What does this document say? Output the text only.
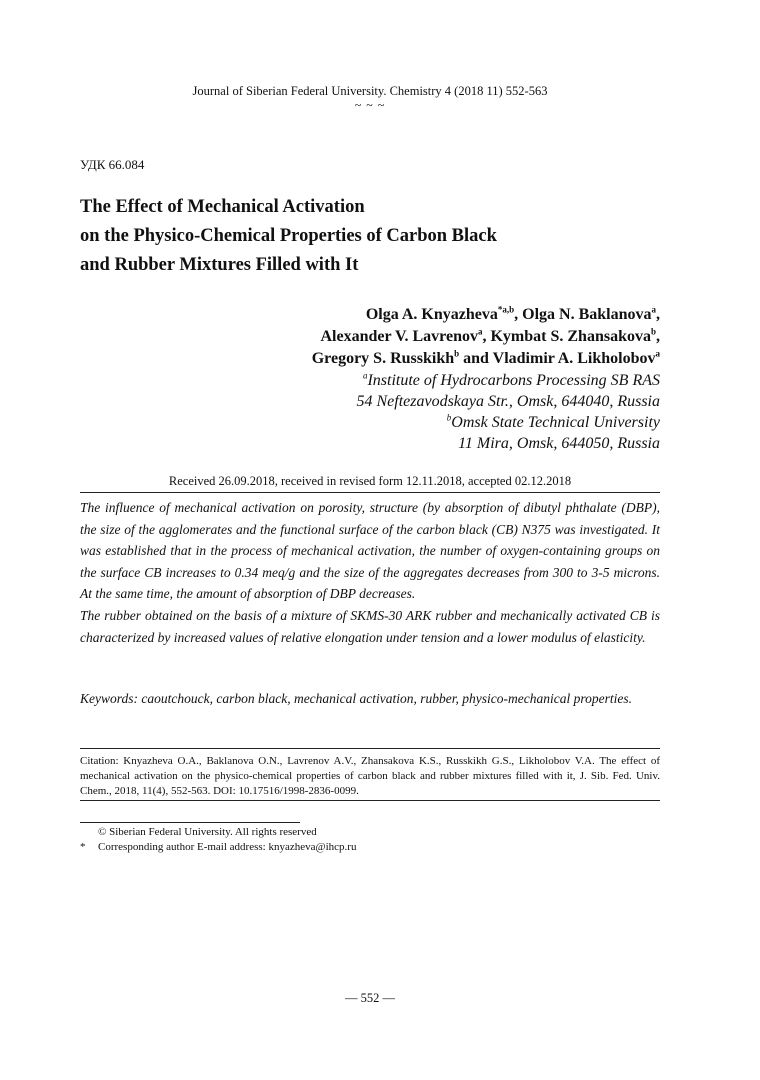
Journal of Siberian Federal University. Chemistry 4 (2018 11) 552-563
~ ~ ~
УДК 66.084
The Effect of Mechanical Activation
on the Physico-Chemical Properties of Carbon Black
and Rubber Mixtures Filled with It
Olga A. Knyazheva$^{*a,b}$, Olga N. Baklanova$^a$,
Alexander V. Lavrenov$^a$, Kymbat S. Zhansakova$^b$,
Gregory S. Russkikh$^b$ and Vladimir A. Likholobov$^a$
$^a$Institute of Hydrocarbons Processing SB RAS
54 Neftezavodskaya Str., Omsk, 644040, Russia
$^b$Omsk State Technical University
11 Mira, Omsk, 644050, Russia
Received 26.09.2018, received in revised form 12.11.2018, accepted 02.12.2018

The influence of mechanical activation on porosity, structure (by absorption of dibutyl phthalate (DBP), the size of the agglomerates and the functional surface of the carbon black (CB) N375 was investigated. It was established that in the process of mechanical activation, the number of oxygen-containing groups on the surface CB increases to 0.34 meq/g and the size of the aggregates decreases from 300 to 3-5 microns. At the same time, the amount of absorption of DBP decreases.

The rubber obtained on the basis of a mixture of SKMS-30 ARK rubber and mechanically activated CB is characterized by increased values of relative elongation under tension and a lower modulus of elasticity.

Keywords: caoutchouck, carbon black, mechanical activation, rubber, physico-mechanical properties.
Citation: Knyazheva O.A., Baklanova O.N., Lavrenov A.V., Zhansakova K.S., Russkikh G.S., Likholobov V.A. The effect of mechanical activation on the physico-chemical properties of carbon black and rubber mixtures filled with it, J. Sib. Fed. Univ. Chem., 2018, 11(4), 552-563. DOI: 10.17516/1998-2836-0099.
© Siberian Federal University. All rights reserved
* Corresponding author E-mail address: knyazheva@ihcp.ru
— 552 —
